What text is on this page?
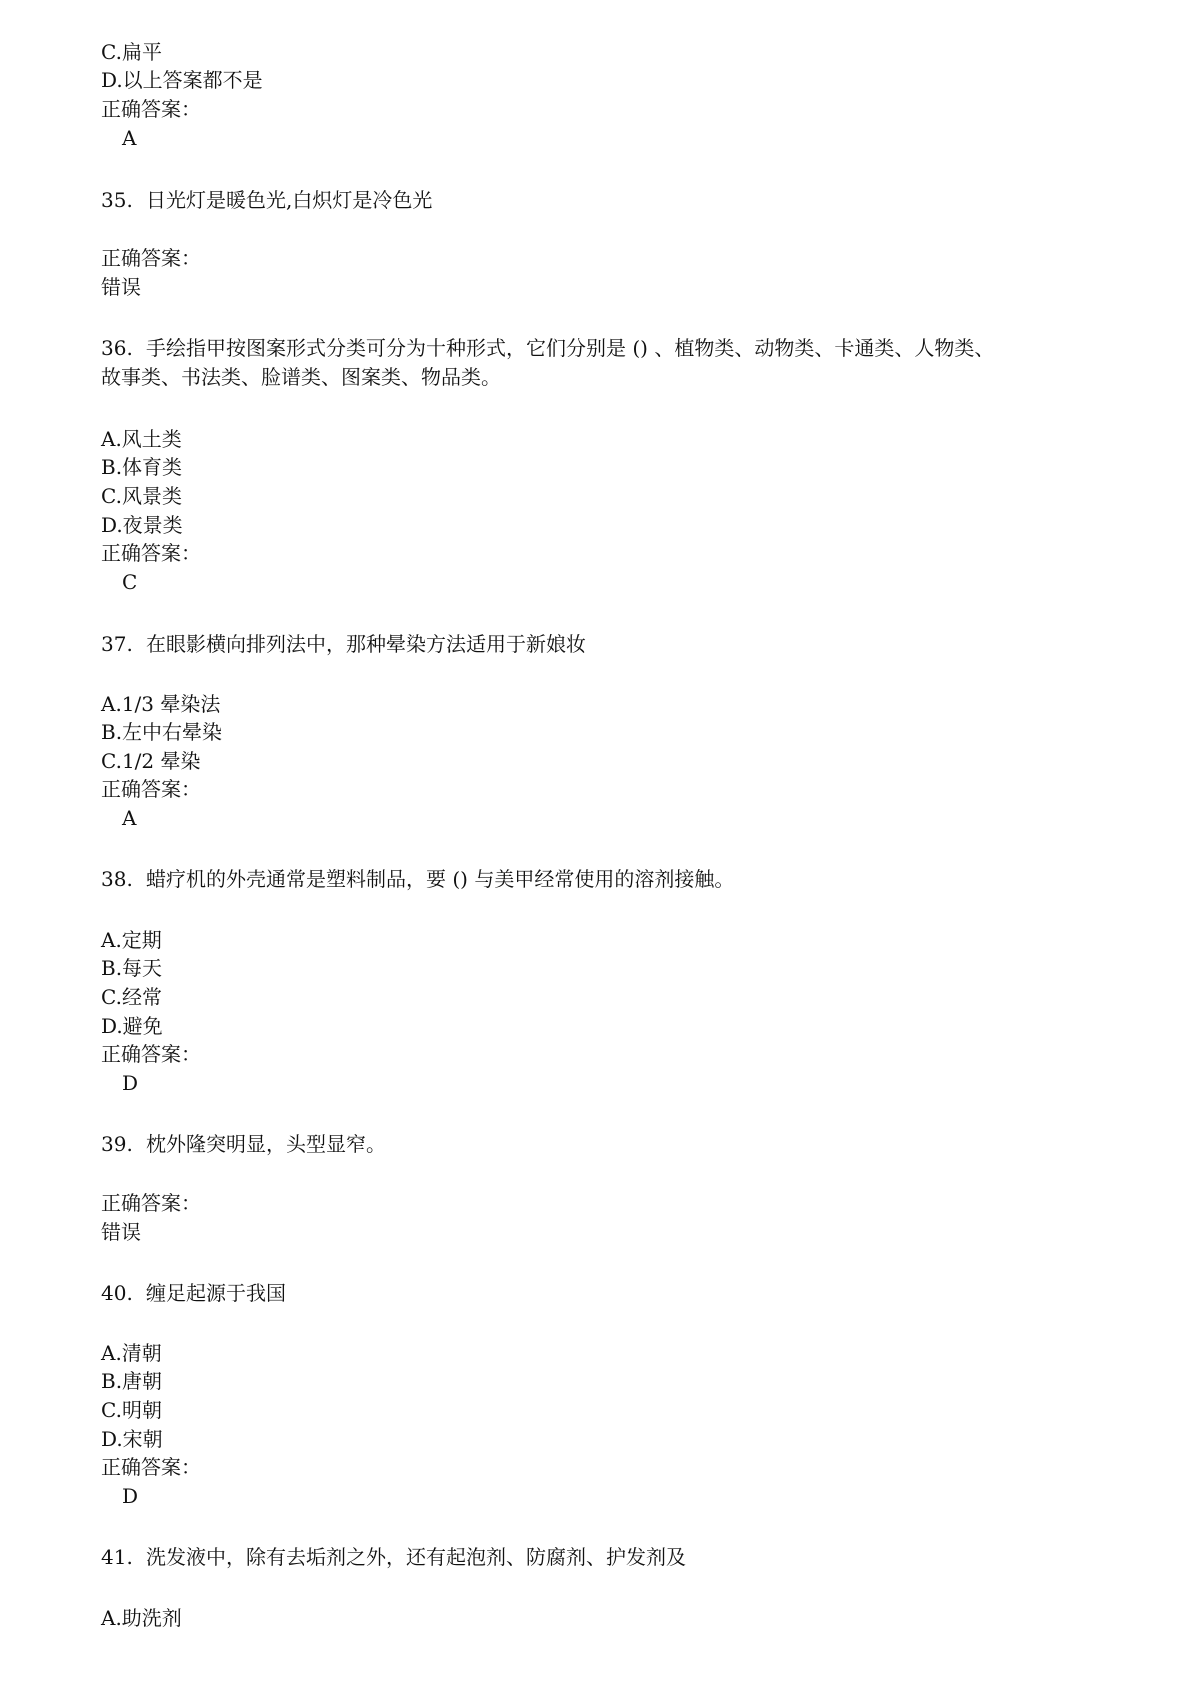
C.扁平
D.以上答案都不是
正确答案：
A
35. 日光灯是暖色光,白炽灯是冷色光
正确答案：
错误
36. 手绘指甲按图案形式分类可分为十种形式，它们分别是 () 、植物类、动物类、卡通类、人物类、
故事类、书法类、脸谱类、图案类、物品类。
A.风土类
B.体育类
C.风景类
D.夜景类
正确答案：
C
37. 在眼影横向排列法中，那种晕染方法适用于新娘妆
A.1/3 晕染法
B.左中右晕染
C.1/2 晕染
正确答案：
A
38. 蜡疗机的外壳通常是塑料制品，要 () 与美甲经常使用的溶剂接触。
A.定期
B.每天
C.经常
D.避免
正确答案：
D
39. 枕外隆突明显，头型显窄。
正确答案：
错误
40. 缠足起源于我国
A.清朝
B.唐朝
C.明朝
D.宋朝
正确答案：
D
41. 洗发液中，除有去垢剂之外，还有起泡剂、防腐剂、护发剂及
A.助洗剂
